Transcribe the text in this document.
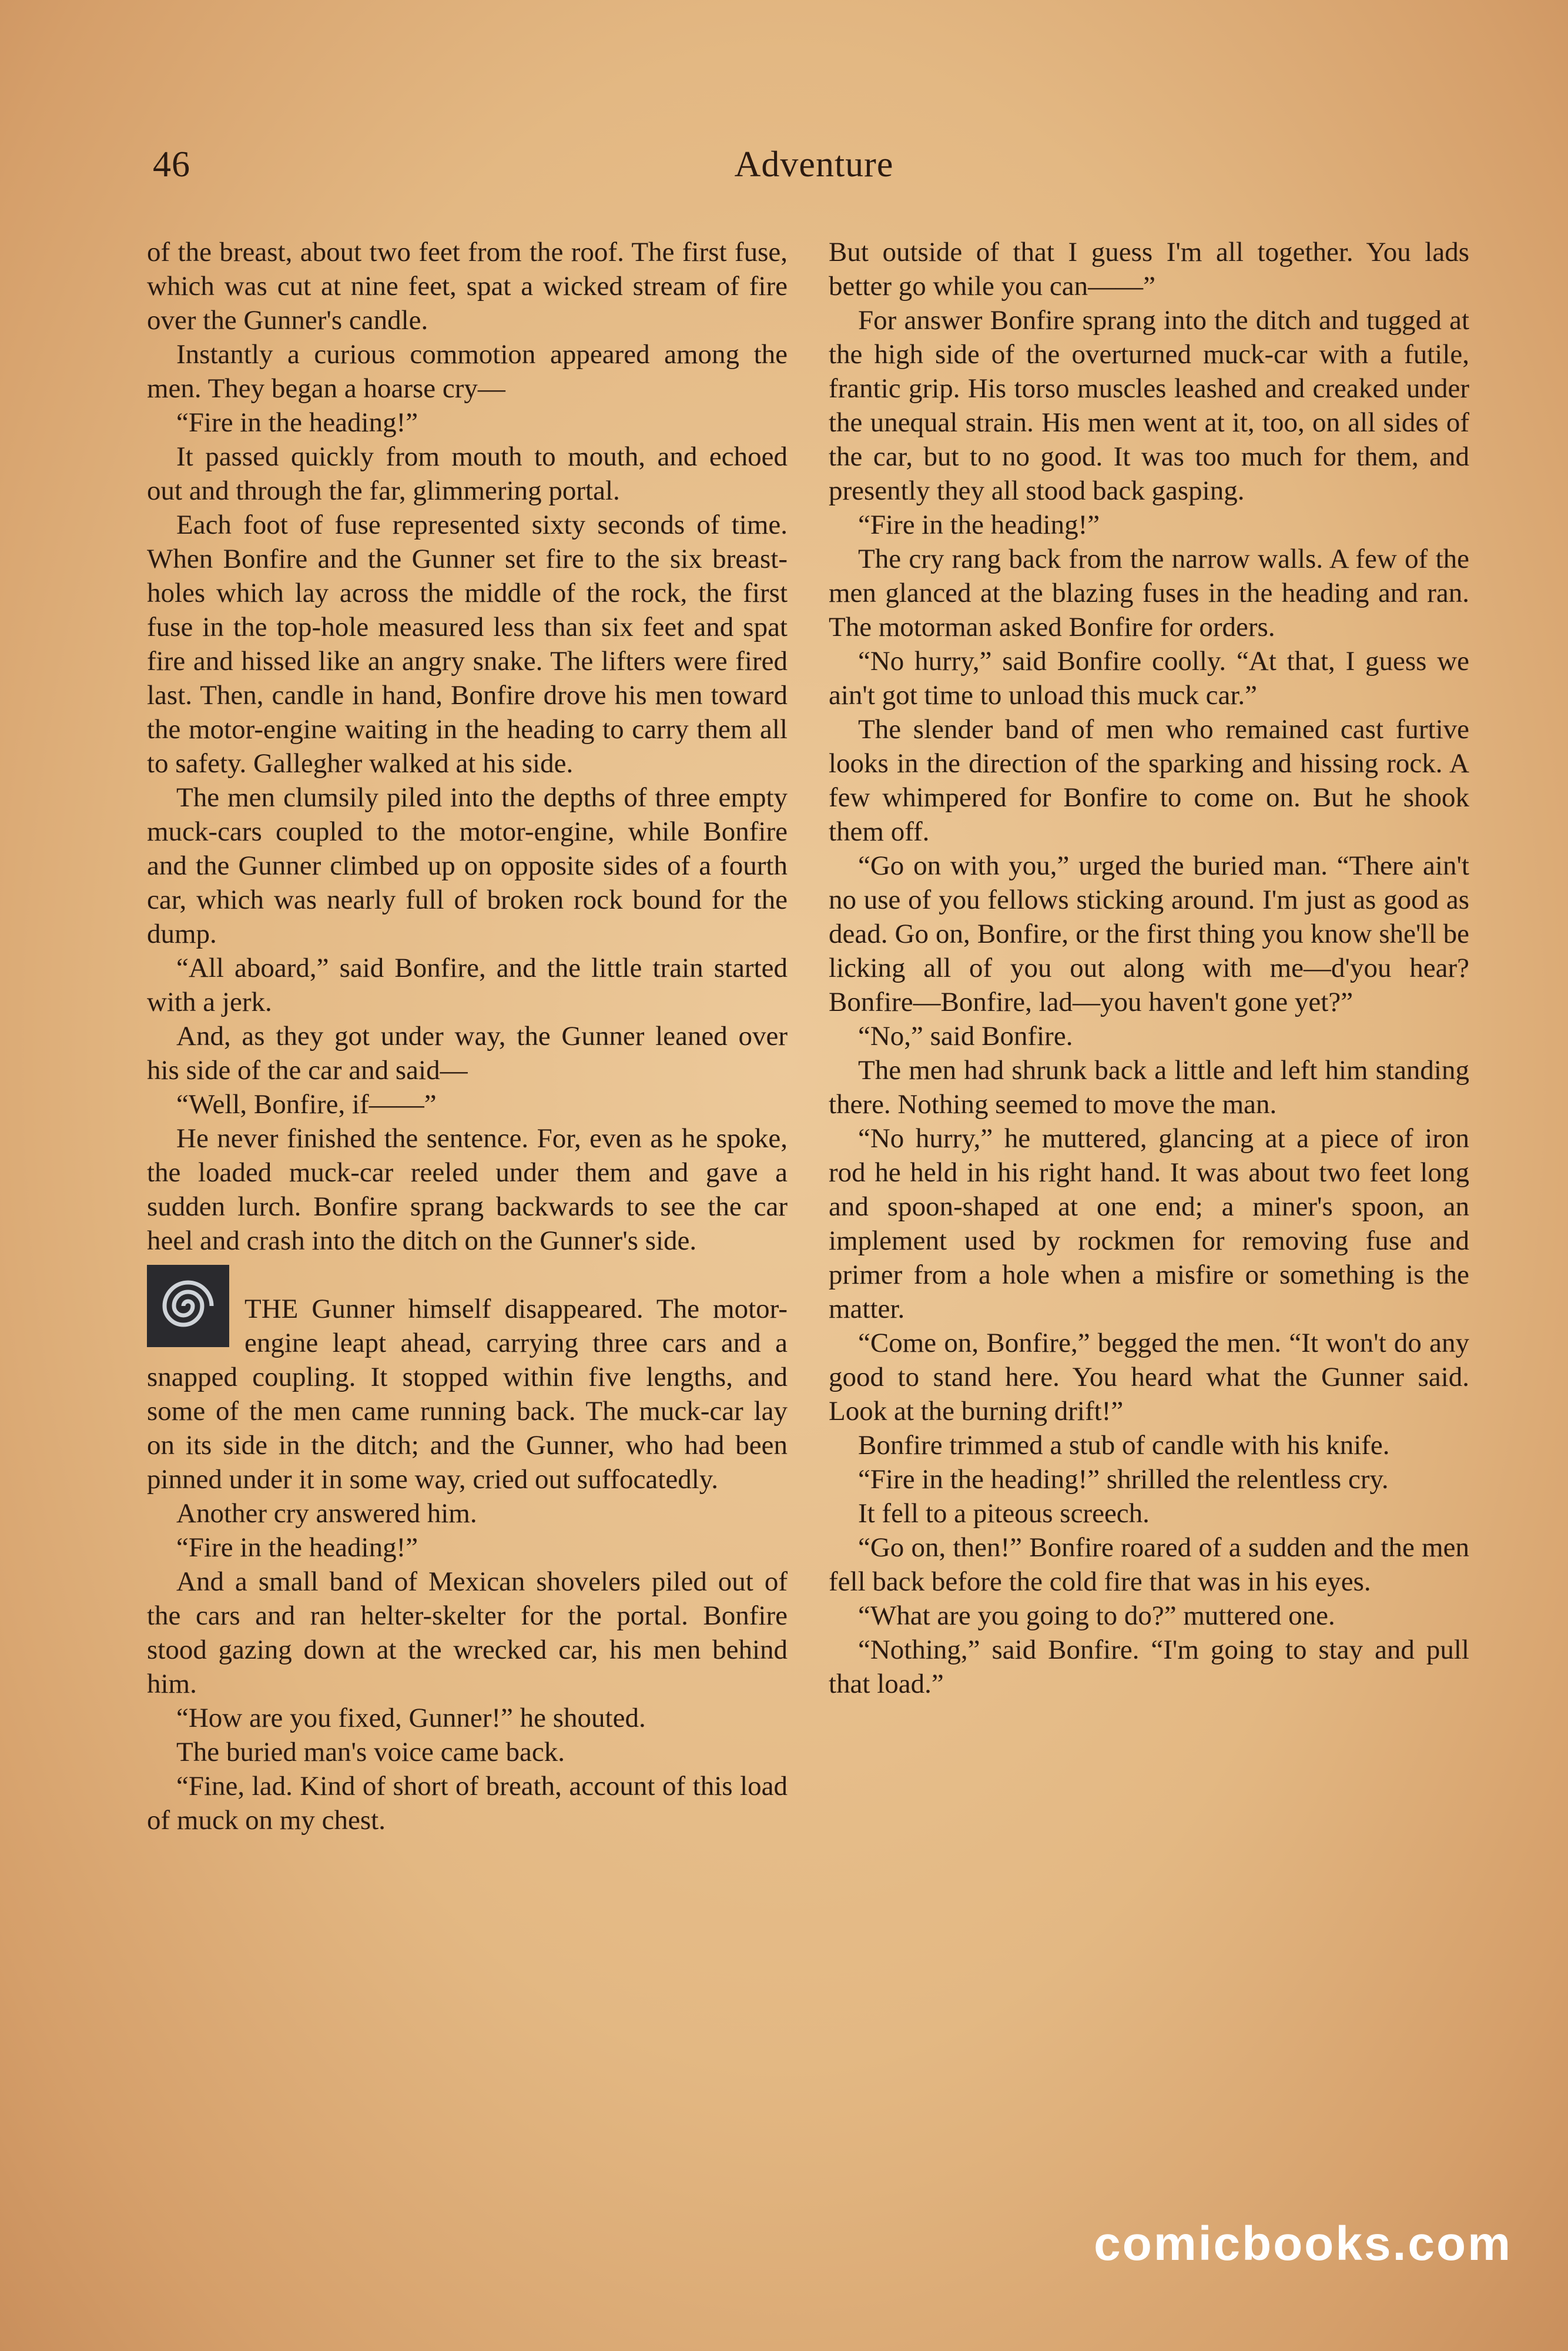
46	Adventure

of the breast, about two feet from the roof. The first fuse, which was cut at nine feet, spat a wicked stream of fire over the Gunner's candle.

Instantly a curious commotion appeared among the men. They began a hoarse cry—

“Fire in the heading!”

It passed quickly from mouth to mouth, and echoed out and through the far, glimmering portal.

Each foot of fuse represented sixty seconds of time. When Bonfire and the Gunner set fire to the six breast-holes which lay across the middle of the rock, the first fuse in the top-hole measured less than six feet and spat fire and hissed like an angry snake. The lifters were fired last. Then, candle in hand, Bonfire drove his men toward the motor-engine waiting in the heading to carry them all to safety. Gallegher walked at his side.

The men clumsily piled into the depths of three empty muck-cars coupled to the motor-engine, while Bonfire and the Gunner climbed up on opposite sides of a fourth car, which was nearly full of broken rock bound for the dump.

“All aboard,” said Bonfire, and the little train started with a jerk.

And, as they got under way, the Gunner leaned over his side of the car and said—

“Well, Bonfire, if——”

He never finished the sentence. For, even as he spoke, the loaded muck-car reeled under them and gave a sudden lurch. Bonfire sprang backwards to see the car heel and crash into the ditch on the Gunner's side.

THE Gunner himself disappeared. The motor-engine leapt ahead, carrying three cars and a snapped coupling. It stopped within five lengths, and some of the men came running back. The muck-car lay on its side in the ditch; and the Gunner, who had been pinned under it in some way, cried out suffocatedly.

Another cry answered him.

“Fire in the heading!”

And a small band of Mexican shovelers piled out of the cars and ran helter-skelter for the portal. Bonfire stood gazing down at the wrecked car, his men behind him.

“How are you fixed, Gunner!” he shouted.

The buried man's voice came back.

“Fine, lad. Kind of short of breath, account of this load of muck on my chest.

But outside of that I guess I'm all together. You lads better go while you can——”

For answer Bonfire sprang into the ditch and tugged at the high side of the overturned muck-car with a futile, frantic grip. His torso muscles leashed and creaked under the unequal strain. His men went at it, too, on all sides of the car, but to no good. It was too much for them, and presently they all stood back gasping.

“Fire in the heading!”

The cry rang back from the narrow walls. A few of the men glanced at the blazing fuses in the heading and ran. The motorman asked Bonfire for orders.

“No hurry,” said Bonfire coolly. “At that, I guess we ain't got time to unload this muck car.”

The slender band of men who remained cast furtive looks in the direction of the sparking and hissing rock. A few whimpered for Bonfire to come on. But he shook them off.

“Go on with you,” urged the buried man. “There ain't no use of you fellows sticking around. I'm just as good as dead. Go on, Bonfire, or the first thing you know she'll be licking all of you out along with me—d'you hear? Bonfire—Bonfire, lad—you haven't gone yet?”

“No,” said Bonfire.

The men had shrunk back a little and left him standing there. Nothing seemed to move the man.

“No hurry,” he muttered, glancing at a piece of iron rod he held in his right hand. It was about two feet long and spoon-shaped at one end; a miner's spoon, an implement used by rockmen for removing fuse and primer from a hole when a misfire or something is the matter.

“Come on, Bonfire,” begged the men. “It won't do any good to stand here. You heard what the Gunner said. Look at the burning drift!”

Bonfire trimmed a stub of candle with his knife.

“Fire in the heading!” shrilled the relentless cry.

It fell to a piteous screech.

“Go on, then!” Bonfire roared of a sudden and the men fell back before the cold fire that was in his eyes.

“What are you going to do?” muttered one.

“Nothing,” said Bonfire. “I'm going to stay and pull that load.”

comicbooks.com
